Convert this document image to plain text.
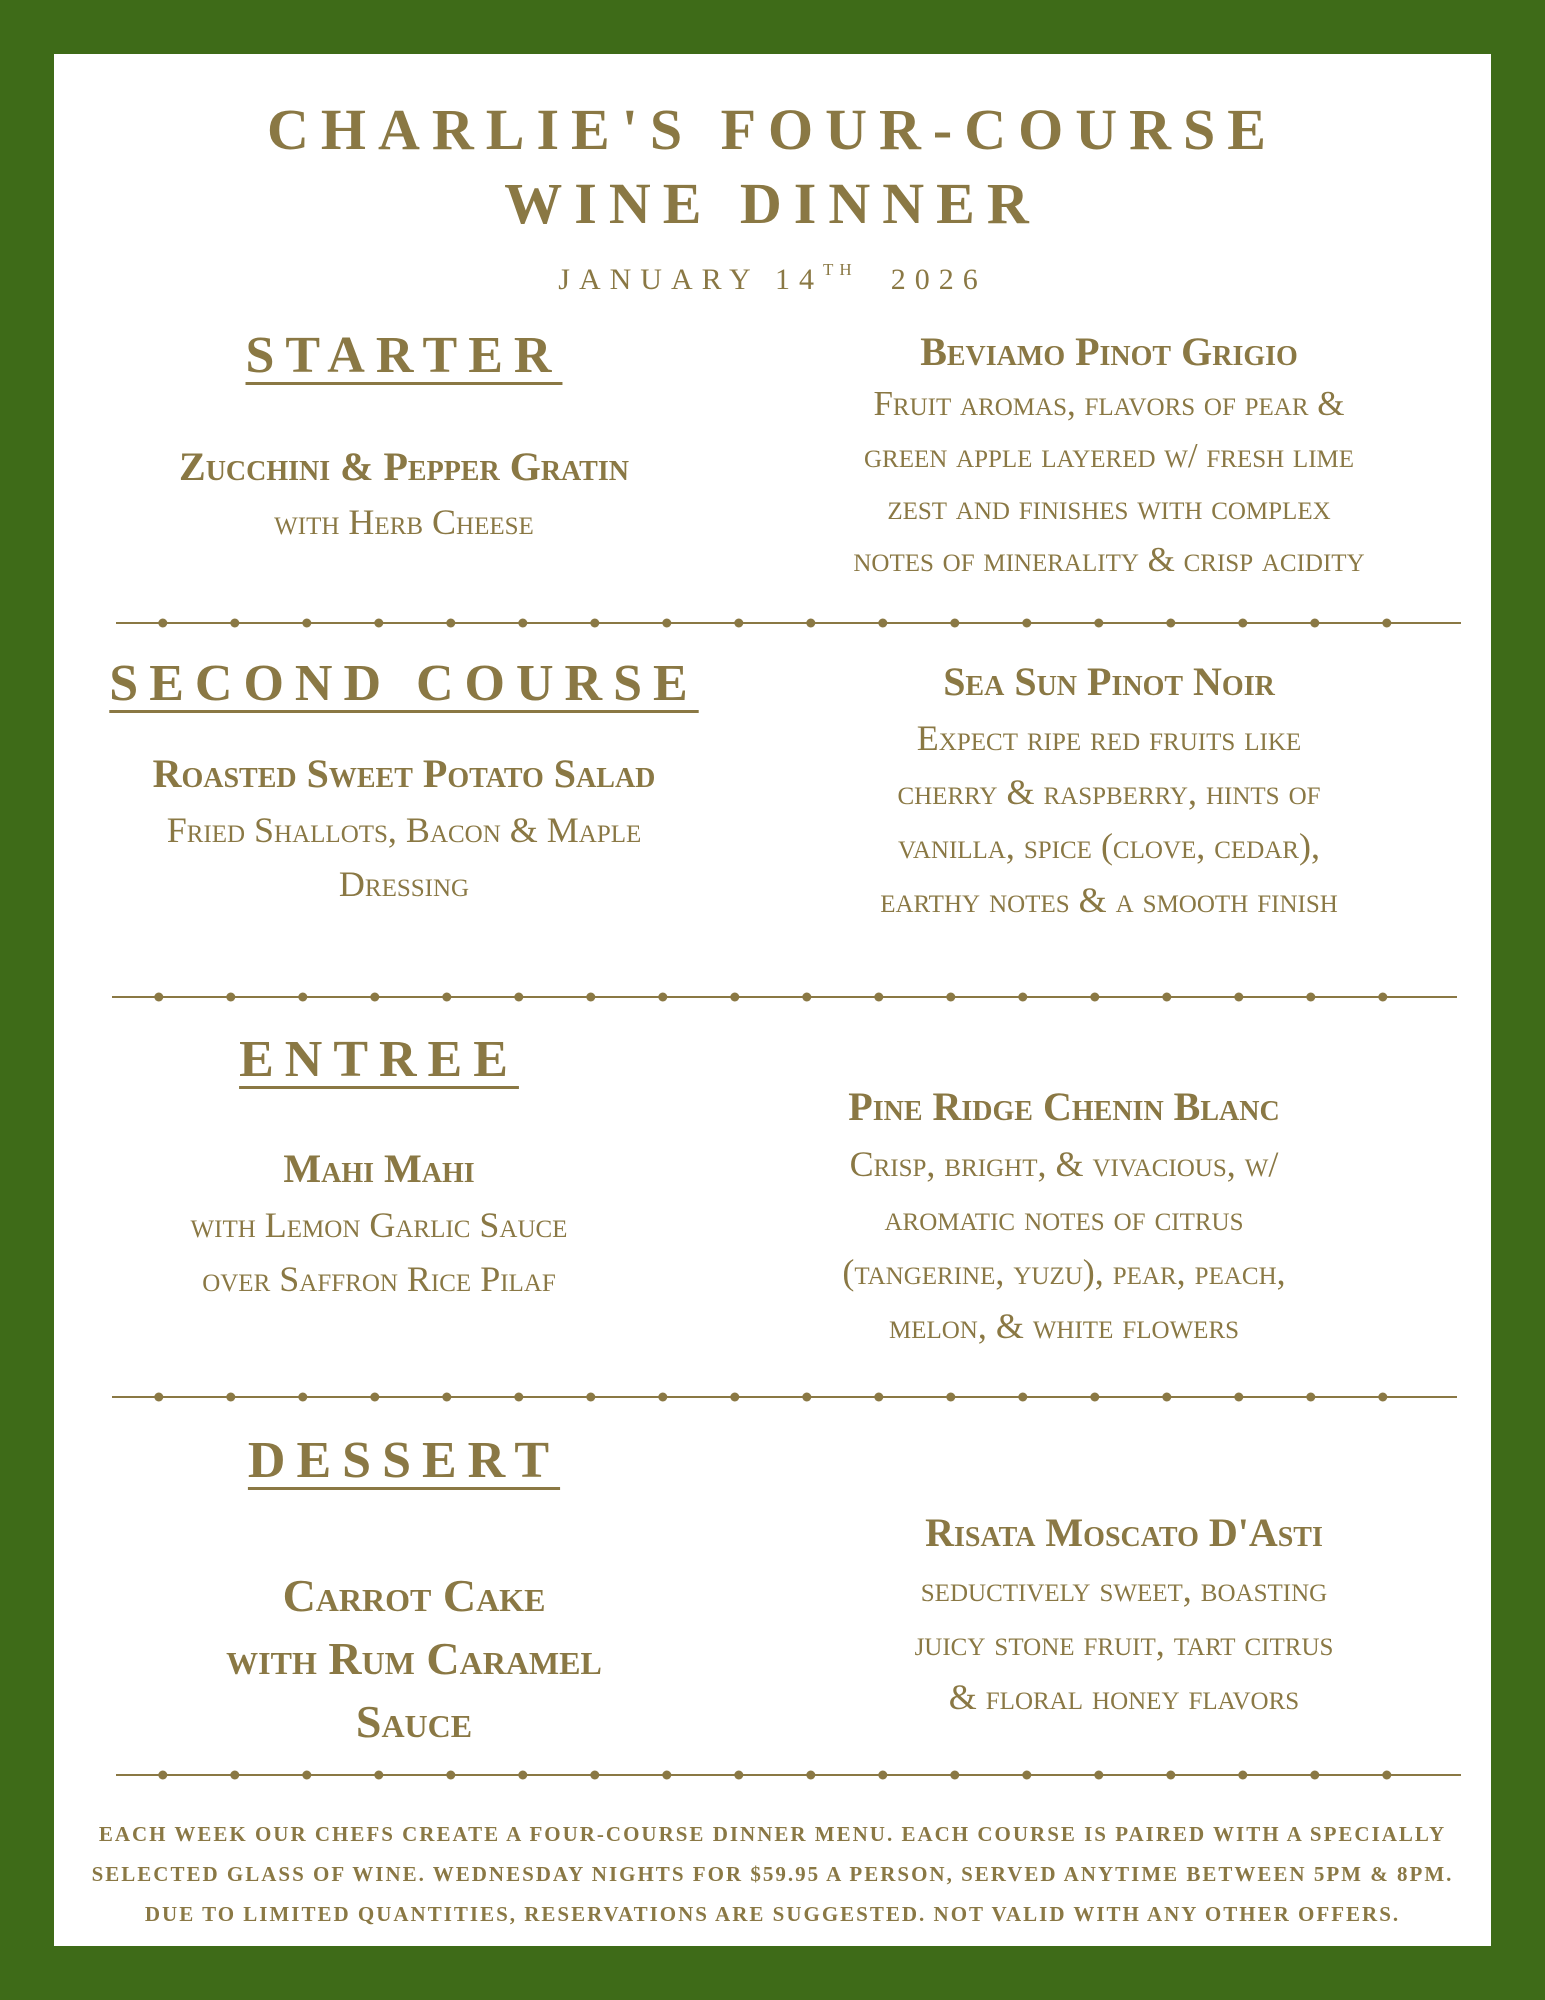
CHARLIE'S FOUR-COURSE
WINE DINNER
JANUARY 14TH 2026
STARTER
Zucchini & Pepper Gratin
with Herb Cheese
Beviamo Pinot Grigio
Fruit aromas, flavors of pear &
green apple layered w/ fresh lime
zest and finishes with complex
notes of minerality & crisp acidity
SECOND COURSE
Roasted Sweet Potato Salad
Fried Shallots, Bacon & Maple
Dressing
Sea Sun Pinot Noir
Expect ripe red fruits like
cherry & raspberry, hints of
vanilla, spice (clove, cedar),
earthy notes & a smooth finish
ENTREE
Mahi Mahi
with Lemon Garlic Sauce
over Saffron Rice Pilaf
Pine Ridge Chenin Blanc
Crisp, bright, & vivacious, w/
aromatic notes of citrus
(tangerine, yuzu), pear, peach,
melon, & white flowers
DESSERT
Carrot Cake
with Rum Caramel
Sauce
Risata Moscato D'Asti
seductively sweet, boasting
juicy stone fruit, tart citrus
& floral honey flavors
EACH WEEK OUR CHEFS CREATE A FOUR-COURSE DINNER MENU. EACH COURSE IS PAIRED WITH A SPECIALLY
SELECTED GLASS OF WINE. WEDNESDAY NIGHTS FOR $59.95 A PERSON, SERVED ANYTIME BETWEEN 5PM & 8PM.
DUE TO LIMITED QUANTITIES, RESERVATIONS ARE SUGGESTED. NOT VALID WITH ANY OTHER OFFERS.
